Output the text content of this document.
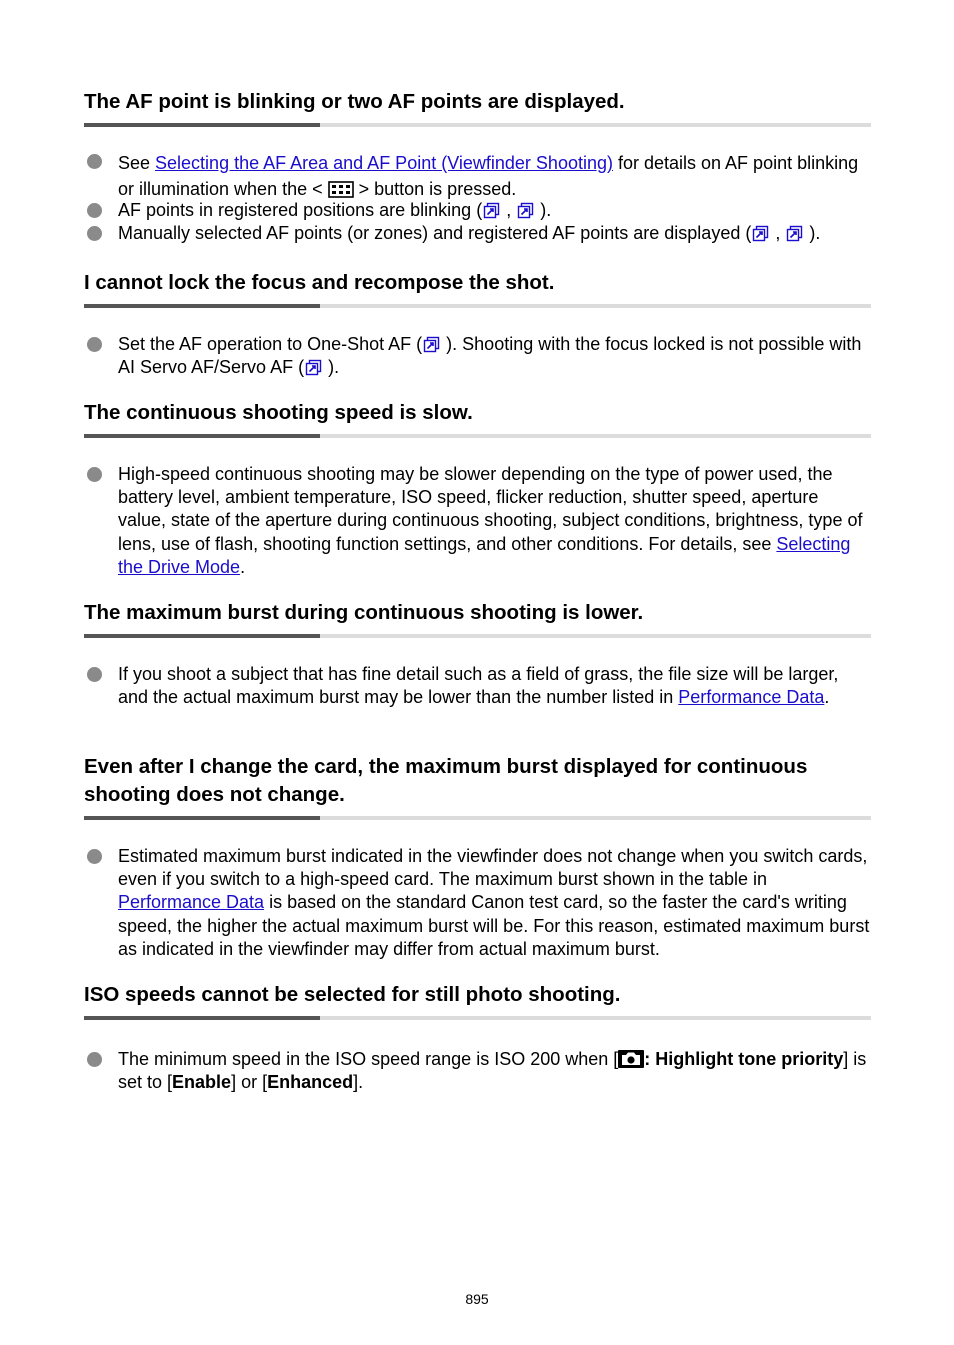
The AF point is blinking or two AF points are displayed.
See Selecting the AF Area and AF Point (Viewfinder Shooting) for details on AF point blinking or illumination when the <  > button is pressed.
AF points in registered positions are blinking ( ,  ).
Manually selected AF points (or zones) and registered AF points are displayed ( ,  ).
I cannot lock the focus and recompose the shot.
Set the AF operation to One-Shot AF ( ). Shooting with the focus locked is not possible with AI Servo AF/Servo AF ( ).
The continuous shooting speed is slow.
High-speed continuous shooting may be slower depending on the type of power used, the battery level, ambient temperature, ISO speed, flicker reduction, shutter speed, aperture value, state of the aperture during continuous shooting, subject conditions, brightness, type of lens, use of flash, shooting function settings, and other conditions. For details, see Selecting the Drive Mode.
The maximum burst during continuous shooting is lower.
If you shoot a subject that has fine detail such as a field of grass, the file size will be larger, and the actual maximum burst may be lower than the number listed in Performance Data.
Even after I change the card, the maximum burst displayed for continuous shooting does not change.
Estimated maximum burst indicated in the viewfinder does not change when you switch cards, even if you switch to a high-speed card. The maximum burst shown in the table in Performance Data is based on the standard Canon test card, so the faster the card's writing speed, the higher the actual maximum burst will be. For this reason, estimated maximum burst as indicated in the viewfinder may differ from actual maximum burst.
ISO speeds cannot be selected for still photo shooting.
The minimum speed in the ISO speed range is ISO 200 when [ : Highlight tone priority] is set to [Enable] or [Enhanced].
895
